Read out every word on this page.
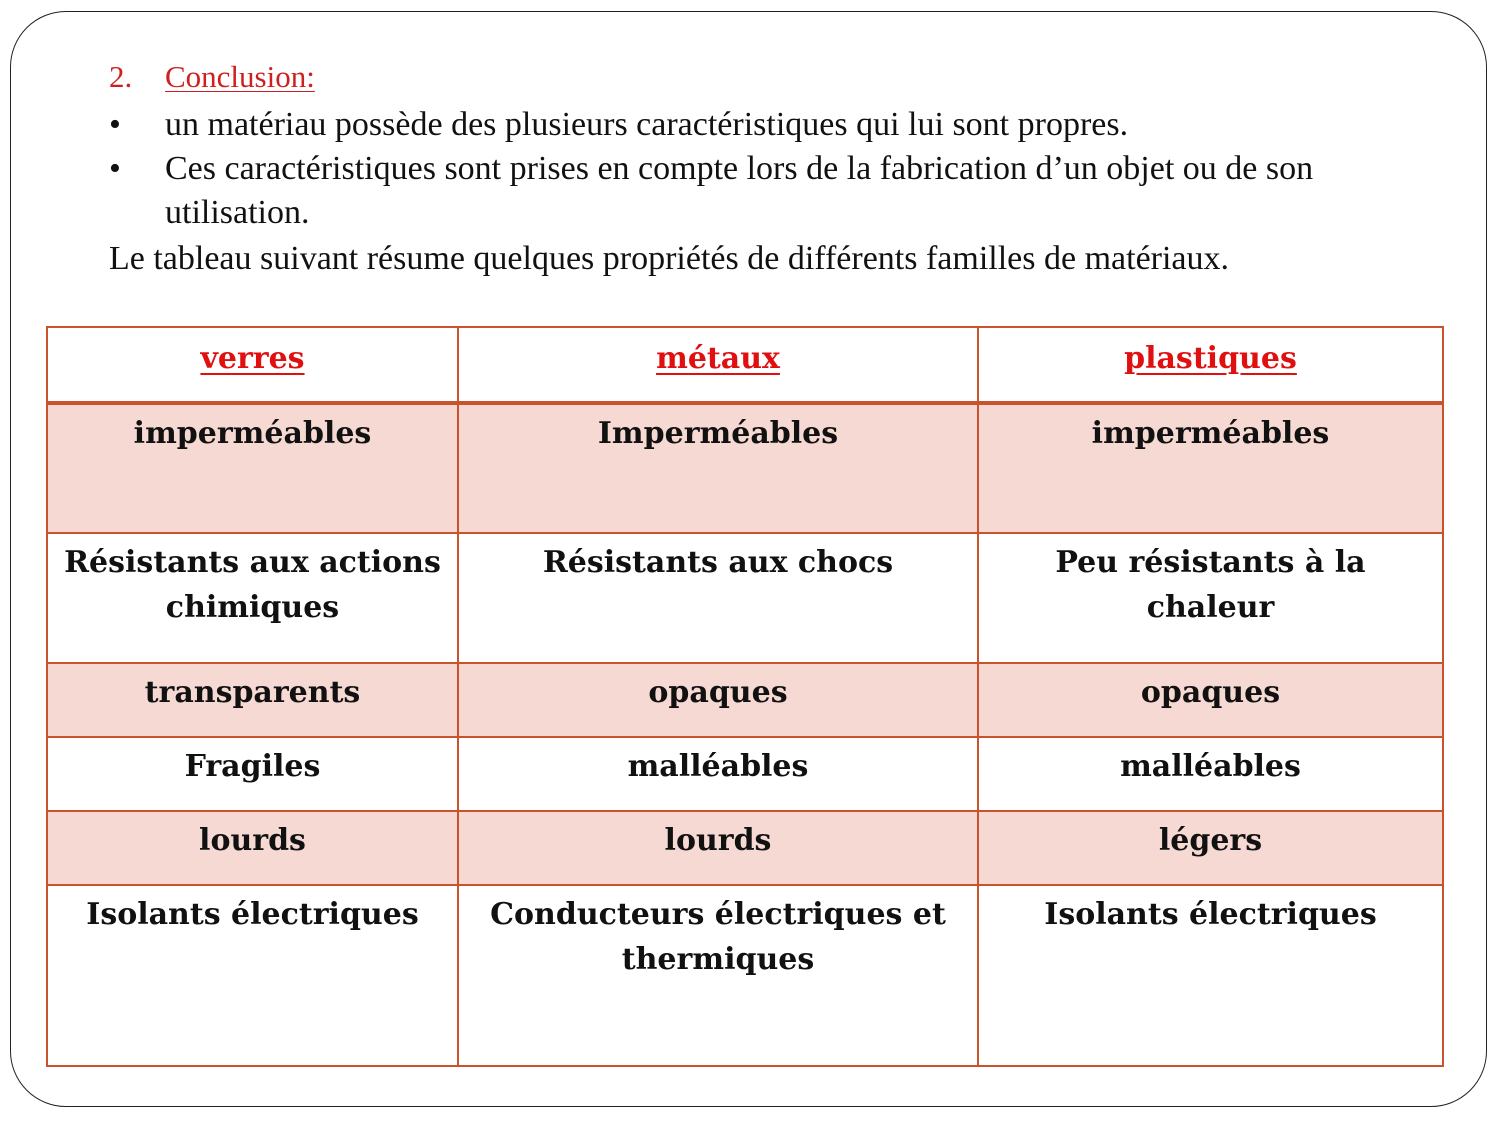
2. Conclusion:
•	un matériau possède des plusieurs caractéristiques qui lui sont propres.
•	Ces caractéristiques sont prises en compte lors de la fabrication d’un objet ou de son utilisation.
Le tableau suivant résume quelques propriétés de différents familles de matériaux.
verres	métaux	plastiques
imperméables	Imperméables	imperméables
Résistants aux actions chimiques	Résistants aux chocs	Peu résistants à la chaleur
transparents	opaques	opaques
Fragiles	malléables	malléables
lourds	lourds	légers
Isolants électriques	Conducteurs électriques et thermiques	Isolants électriques
